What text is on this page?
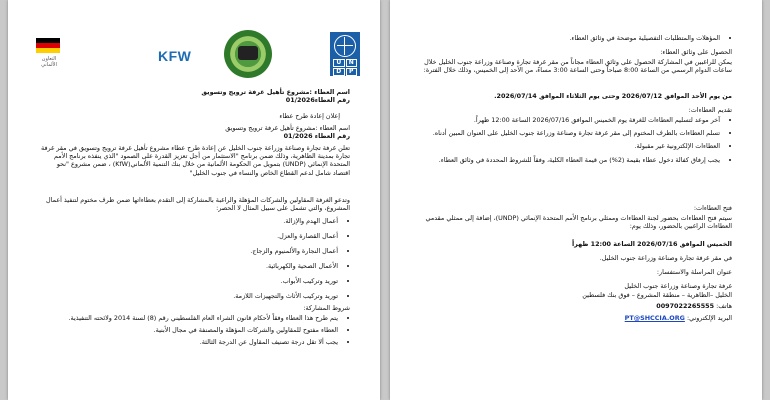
التعاون الألماني
KFW	U	N
D	P

اسم العطاء :مشروع تأهيل غرفة ترويج وتسويق

رقم العطاء01/2026

إعلان إعادة طرح عطاء

اسم العطاء :مشروع تأهيل غرفة ترويج وتسويق

رقم العطاء 01/2026

تعلن غرفة تجارة وصناعة وزراعة جنوب الخليل عن إعادة طرح عطاء مشروع تأهيل غرفة ترويج وتسويق في مقر غرفة تجارة بمدينة الظاهرية، وذلك ضمن برنامج "الاستثمار من أجل تعزيز القدرة على الصمود "الذي ينفذه برنامج الأمم المتحدة الإنمائي (UNDP) بتمويل من الحكومة الألمانية من خلال بنك التنمية الألماني(KfW) ، ضمن مشروع "نحو اقتصاد شامل لدعم القطاع الخاص والنساء في جنوب الخليل"

وتدعو الغرفة المقاولين والشركات المؤهلة والراغبة بالمشاركة إلى التقدم بعطاءاتها ضمن ظرف مختوم لتنفيذ أعمال المشروع، والتي تشمل على سبيل المثال لا الحصر:

• أعمال الهدم والإزالة.
• أعمال القصارة والعزل.
• أعمال النجارة والألمنيوم والزجاج.
• الأعمال الصحية والكهربائية.
• توريد وتركيب الأبواب.
• توريد وتركيب الأثاث والتجهيزات اللازمة.

شروط المشاركة:

• يتم طرح هذا العطاء وفقاً لأحكام قانون الشراء العام الفلسطيني رقم (8) لسنة 2014 ولائحته التنفيذية.
• العطاء مفتوح للمقاولين والشركات المؤهلة والمصنفة في مجال الأبنية.
• يجب ألا تقل درجة تصنيف المقاول عن الدرجة الثالثة.
• المؤهلات والمتطلبات التفصيلية موضحة في وثائق العطاء.

الحصول على وثائق العطاء:

يمكن للراغبين في المشاركة الحصول على وثائق العطاء مجاناً من مقر غرفة تجارة وصناعة وزراعة جنوب الخليل خلال ساعات الدوام الرسمي من الساعة 8:00 صباحاً وحتى الساعة 3:00 مساءً، من الأحد إلى الخميس، وذلك خلال الفترة:

من يوم الأحد الموافق 2026/07/12 وحتى يوم الثلاثاء الموافق 2026/07/14.

تقديم العطاءات:

• آخر موعد لتسليم العطاءات للغرفة يوم الخميس الموافق 2026/07/16 الساعة 12:00 ظهراً.
• تسلم العطاءات بالظرف المختوم إلى مقر غرفة تجارة وصناعة وزراعة جنوب الخليل على العنوان المبين أدناه.
• العطاءات الإلكترونية غير مقبولة.
• يجب إرفاق كفالة دخول عطاء بقيمة (2%) من قيمة العطاء الكلية، وفقاً للشروط المحددة في وثائق العطاء.

فتح العطاءات:

سيتم فتح العطاءات بحضور لجنة العطاءات وممثلي برنامج الأمم المتحدة الإنمائي (UNDP)، إضافة إلى ممثلي مقدمي العطاءات الراغبين بالحضور، وذلك يوم:

الخميس الموافق 2026/07/16 الساعة 12:00 ظهراً

في مقر غرفة تجارة وصناعة وزراعة جنوب الخليل.

عنوان المراسلة والاستفسار:

غرفة تجارة وصناعة وزراعة جنوب الخليل

الخليل –الظاهرية – منطقة المشروع – فوق بنك فلسطين

هاتف: 0097022265555

البريد الإلكتروني: PT@SHCCIA.ORG
